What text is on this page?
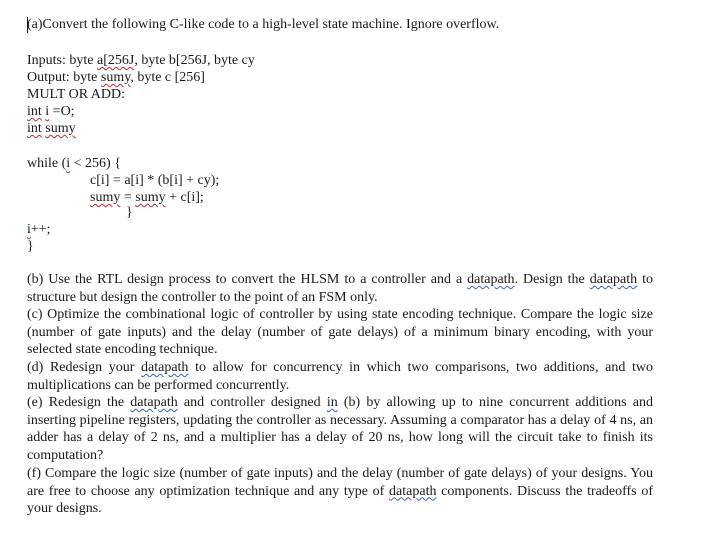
(a)Convert the following C-like code to a high-level state machine. Ignore overflow.
Inputs: byte a[256J, byte b[256J, byte cy
Output: byte sumy, byte c [256]
MULT OR ADD:
int i =O;
int sumy
while (i < 256) {
c[i] = a[i] * (b[i] + cy);
sumy = sumy + c[i];
}
i++;
}
(b) Use the RTL design process to convert the HLSM to a controller and a datapath. Design the datapath to structure but design the controller to the point of an FSM only.
(c) Optimize the combinational logic of controller by using state encoding technique. Compare the logic size (number of gate inputs) and the delay (number of gate delays) of a minimum binary encoding, with your selected state encoding technique.
(d) Redesign your datapath to allow for concurrency in which two comparisons, two additions, and two multiplications can be performed concurrently.
(e) Redesign the datapath and controller designed in (b) by allowing up to nine concurrent additions and inserting pipeline registers, updating the controller as necessary. Assuming a comparator has a delay of 4 ns, an adder has a delay of 2 ns, and a multiplier has a delay of 20 ns, how long will the circuit take to finish its computation?
(f) Compare the logic size (number of gate inputs) and the delay (number of gate delays) of your designs. You are free to choose any optimization technique and any type of datapath components. Discuss the tradeoffs of your designs.
